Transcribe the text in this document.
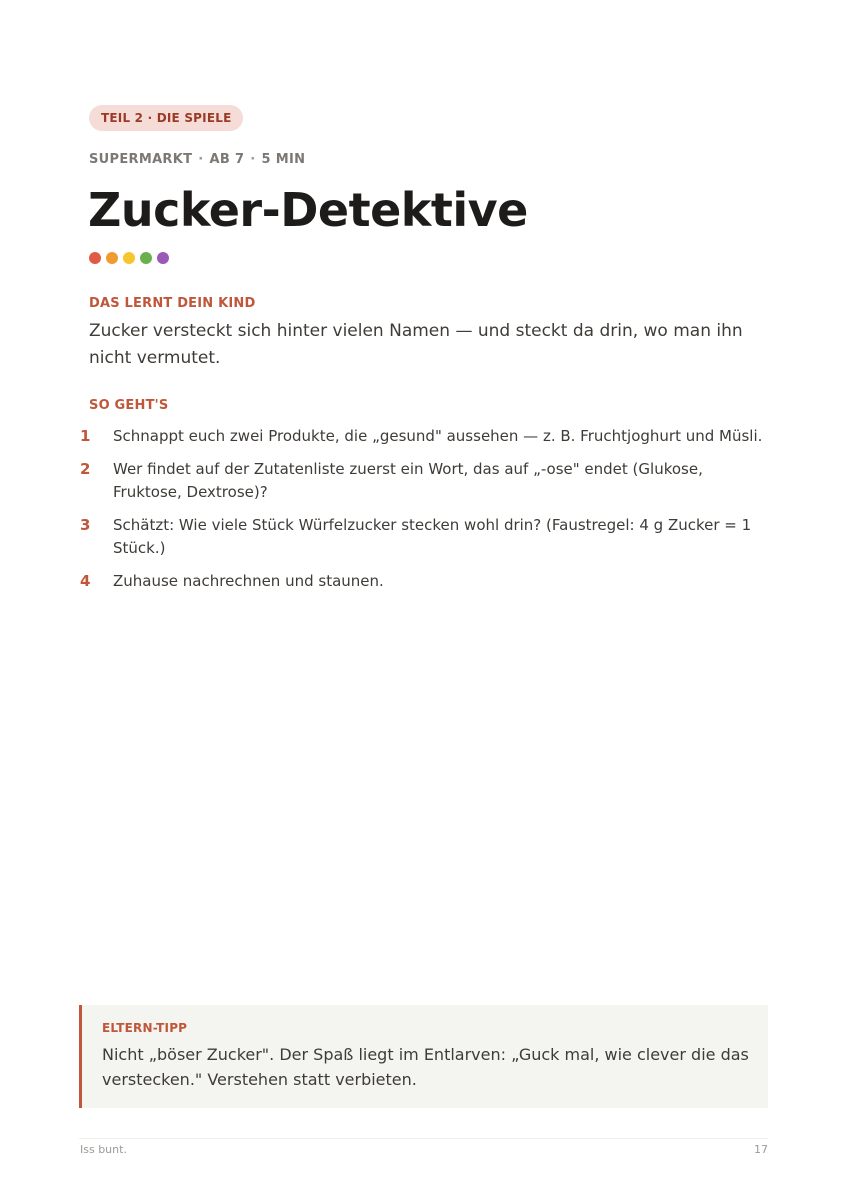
TEIL 2 · DIE SPIELE
SUPERMARKT · AB 7 · 5 MIN
Zucker-Detektive
DAS LERNT DEIN KIND

Zucker versteckt sich hinter vielen Namen — und steckt da drin, wo man ihn nicht vermutet.

SO GEHT'S
1	Schnappt euch zwei Produkte, die „gesund" aussehen — z. B. Fruchtjoghurt und Müsli.
2	Wer findet auf der Zutatenliste zuerst ein Wort, das auf „-ose" endet (Glukose, Fruktose, Dextrose)?
3	Schätzt: Wie viele Stück Würfelzucker stecken wohl drin? (Faustregel: 4 g Zucker = 1 Stück.)
4	Zuhause nachrechnen und staunen.
ELTERN-TIPP
Nicht „böser Zucker". Der Spaß liegt im Entlarven: „Guck mal, wie clever die das verstecken." Verstehen statt verbieten.
Iss bunt.	17
